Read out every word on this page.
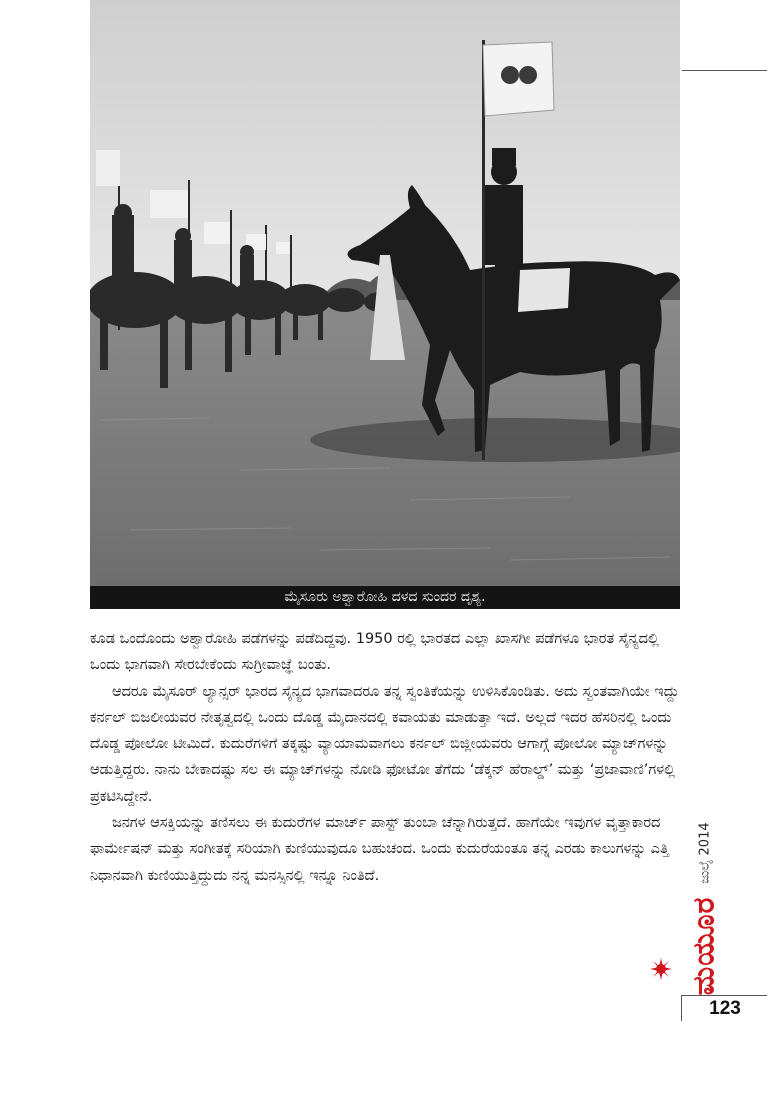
ಮೈಸೂರು ಅಶ್ವಾರೋಹಿ ದಳದ ಸುಂದರ ದೃಶ್ಯ.

ಕೂಡ ಒಂದೊಂದು ಅಶ್ವಾರೋಹಿ ಪಡೆಗಳನ್ನು ಪಡೆದಿದ್ದವು. 1950 ರಲ್ಲಿ ಭಾರತದ ಎಲ್ಲಾ ಖಾಸಗೀ ಪಡೆಗಳೂ ಭಾರತ ಸೈನ್ಯದಲ್ಲಿ ಒಂದು ಭಾಗವಾಗಿ ಸೇರಬೇಕೆಂದು ಸುಗ್ರೀವಾಜ್ಞೆ ಬಂತು.

ಆದರೂ ಮೈಸೂರ್ ಲ್ಯಾನ್ಸರ್ ಭಾರದ ಸೈನ್ಯದ ಭಾಗವಾದರೂ ತನ್ನ ಸ್ವಂತಿಕೆಯನ್ನು ಉಳಿಸಿಕೊಂಡಿತು. ಅದು ಸ್ವಂತವಾಗಿಯೇ ಇದ್ದು ಕರ್ನಲ್ ಬಿಜಲೀಯವರ ನೇತೃತ್ವದಲ್ಲಿ ಒಂದು ದೊಡ್ಡ ಮೈದಾನದಲ್ಲಿ ಕವಾಯತು ಮಾಡುತ್ತಾ ಇದೆ. ಅಲ್ಲದೆ ಇದರ ಹೆಸರಿನಲ್ಲಿ ಒಂದು ದೊಡ್ಡ ಪೋಲೋ ಟೀಮಿದೆ. ಕುದುರೆಗಳಿಗೆ ತಕ್ಕಷ್ಟು ವ್ಯಾಯಾಮವಾಗಲು ಕರ್ನಲ್ ಬಿಜ್ಲೀಯವರು ಆಗಾಗ್ಗೆ ಪೋಲೋ ಮ್ಯಾಚ್‌ಗಳನ್ನು ಆಡುತ್ತಿದ್ದರು. ನಾನು ಬೇಕಾದಷ್ಟು ಸಲ ಈ ಮ್ಯಾಚ್‌ಗಳನ್ನು ನೋಡಿ ಫೋಟೋ ತೆಗೆದು ‘ಡೆಕ್ಕನ್ ಹೆರಾಲ್ಡ್’ ಮತ್ತು ‘ಪ್ರಜಾವಾಣಿ’ಗಳಲ್ಲಿ ಪ್ರಕಟಿಸಿದ್ದೇನೆ.

ಜನಗಳ ಆಸಕ್ತಿಯನ್ನು ತಣಿಸಲು ಈ ಕುದುರೆಗಳ ಮಾರ್ಚ್ ಪಾಸ್ಟ್ ತುಂಬಾ ಚೆನ್ನಾಗಿರುತ್ತದೆ. ಹಾಗೆಯೇ ಇವುಗಳ ವೃತ್ತಾಕಾರದ ಫಾರ್ಮೇಷನ್ ಮತ್ತು ಸಂಗೀತಕ್ಕೆ ಸರಿಯಾಗಿ ಕುಣಿಯುವುದೂ ಬಹುಚಂದ. ಒಂದು ಕುದುರೆಯಂತೂ ತನ್ನ ಎರಡು ಕಾಲುಗಳನ್ನು ಎತ್ತಿ ನಿಧಾನವಾಗಿ ಕುಣಿಯುತ್ತಿದ್ದುದು ನನ್ನ ಮನಸ್ಸಿನಲ್ಲಿ ಇನ್ನೂ ನಿಂತಿದೆ.	ಜುಲೈ 2014
ಮಯೂರ
123
